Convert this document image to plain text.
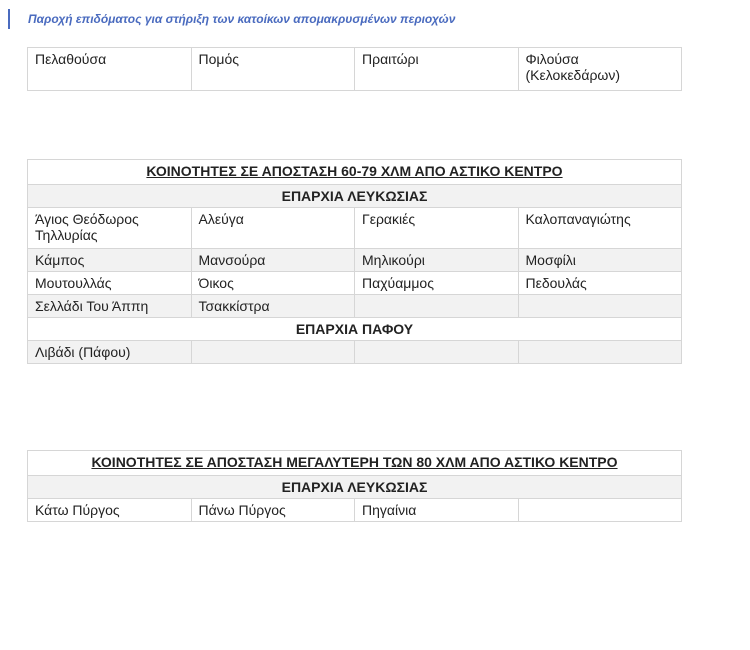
Παροχή επιδόματος για στήριξη των κατοίκων απομακρυσμένων περιοχών
Πελαθούσα	Πομός	Πραιτώρι	Φιλούσα (Κελοκεδάρων)
ΚΟΙΝΟΤΗΤΕΣ ΣΕ ΑΠΟΣΤΑΣΗ 60-79 ΧΛΜ ΑΠΟ ΑΣΤΙΚΟ ΚΕΝΤΡΟ			
ΕΠΑΡΧΙΑ ΛΕΥΚΩΣΙΑΣ			
Άγιος Θεόδωρος Τηλλυρίας	Αλεύγα	Γερακιές	Καλοπαναγιώτης
Κάμπος	Μανσούρα	Μηλικούρι	Μοσφίλι
Μουτουλλάς	Όικος	Παχύαμμος	Πεδουλάς
Σελλάδι Του Άππη	Τσακκίστρα		
ΕΠΑΡΧΙΑ ΠΑΦΟΥ			
Λιβάδι (Πάφου)			
ΚΟΙΝΟΤΗΤΕΣ ΣΕ ΑΠΟΣΤΑΣΗ ΜΕΓΑΛΥΤΕΡΗ ΤΩΝ 80 ΧΛΜ ΑΠΟ ΑΣΤΙΚΟ ΚΕΝΤΡΟ
ΕΠΑΡΧΙΑ ΛΕΥΚΩΣΙΑΣ
Κάτω Πύργος	Πάνω Πύργος	Πηγαίνια	
